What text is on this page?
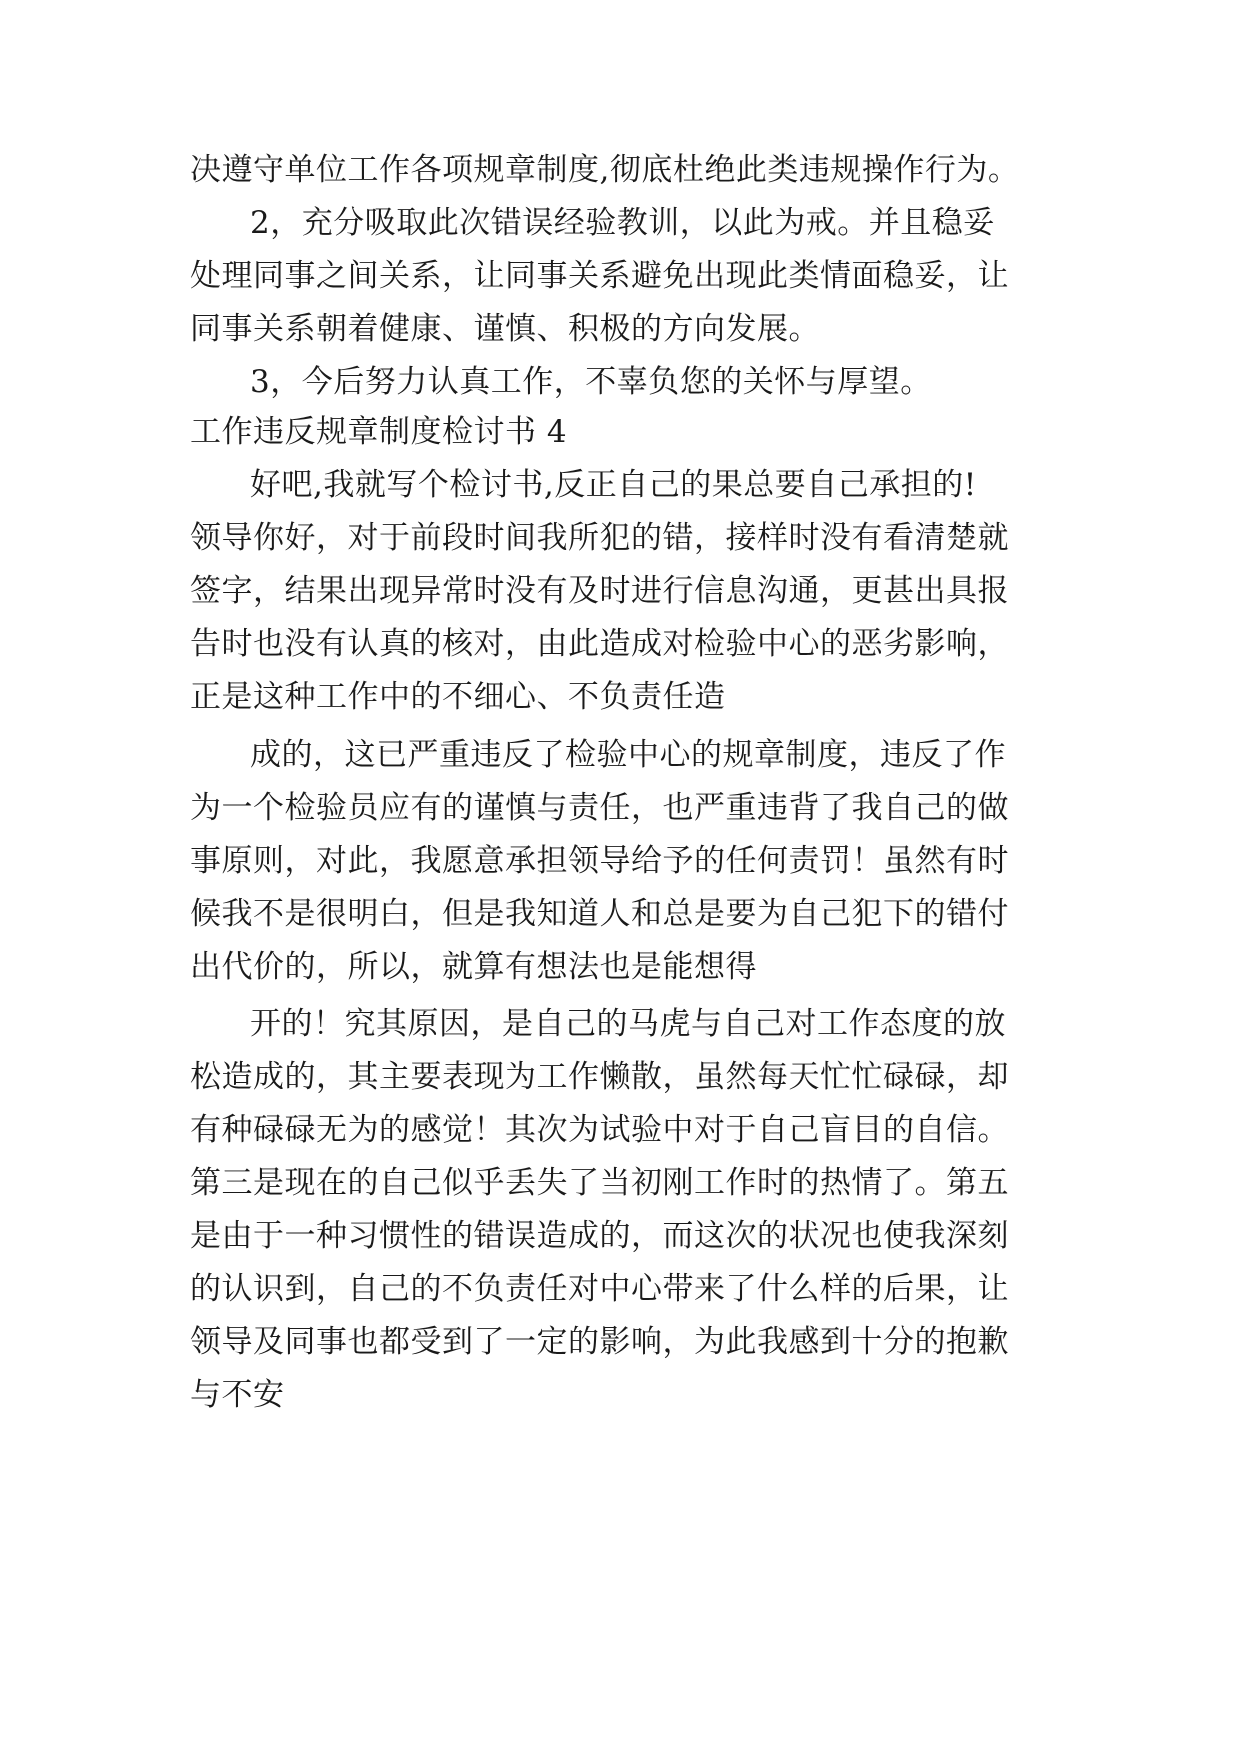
决遵守单位工作各项规章制度,彻底杜绝此类违规操作行为。
2，充分吸取此次错误经验教训，以此为戒。并且稳妥
处理同事之间关系，让同事关系避免出现此类情面稳妥，让
同事关系朝着健康、谨慎、积极的方向发展。
3，今后努力认真工作，不辜负您的关怀与厚望。
工作违反规章制度检讨书 4
好吧,我就写个检讨书,反正自己的果总要自己承担的!
领导你好，对于前段时间我所犯的错，接样时没有看清楚就
签字，结果出现异常时没有及时进行信息沟通，更甚出具报
告时也没有认真的核对，由此造成对检验中心的恶劣影响，
正是这种工作中的不细心、不负责任造
成的，这已严重违反了检验中心的规章制度，违反了作
为一个检验员应有的谨慎与责任，也严重违背了我自己的做
事原则，对此，我愿意承担领导给予的任何责罚！虽然有时
候我不是很明白，但是我知道人和总是要为自己犯下的错付
出代价的，所以，就算有想法也是能想得
开的！究其原因，是自己的马虎与自己对工作态度的放
松造成的，其主要表现为工作懒散，虽然每天忙忙碌碌，却
有种碌碌无为的感觉！其次为试验中对于自己盲目的自信。
第三是现在的自己似乎丢失了当初刚工作时的热情了。第五
是由于一种习惯性的错误造成的，而这次的状况也使我深刻
的认识到，自己的不负责任对中心带来了什么样的后果，让
领导及同事也都受到了一定的影响，为此我感到十分的抱歉
与不安
